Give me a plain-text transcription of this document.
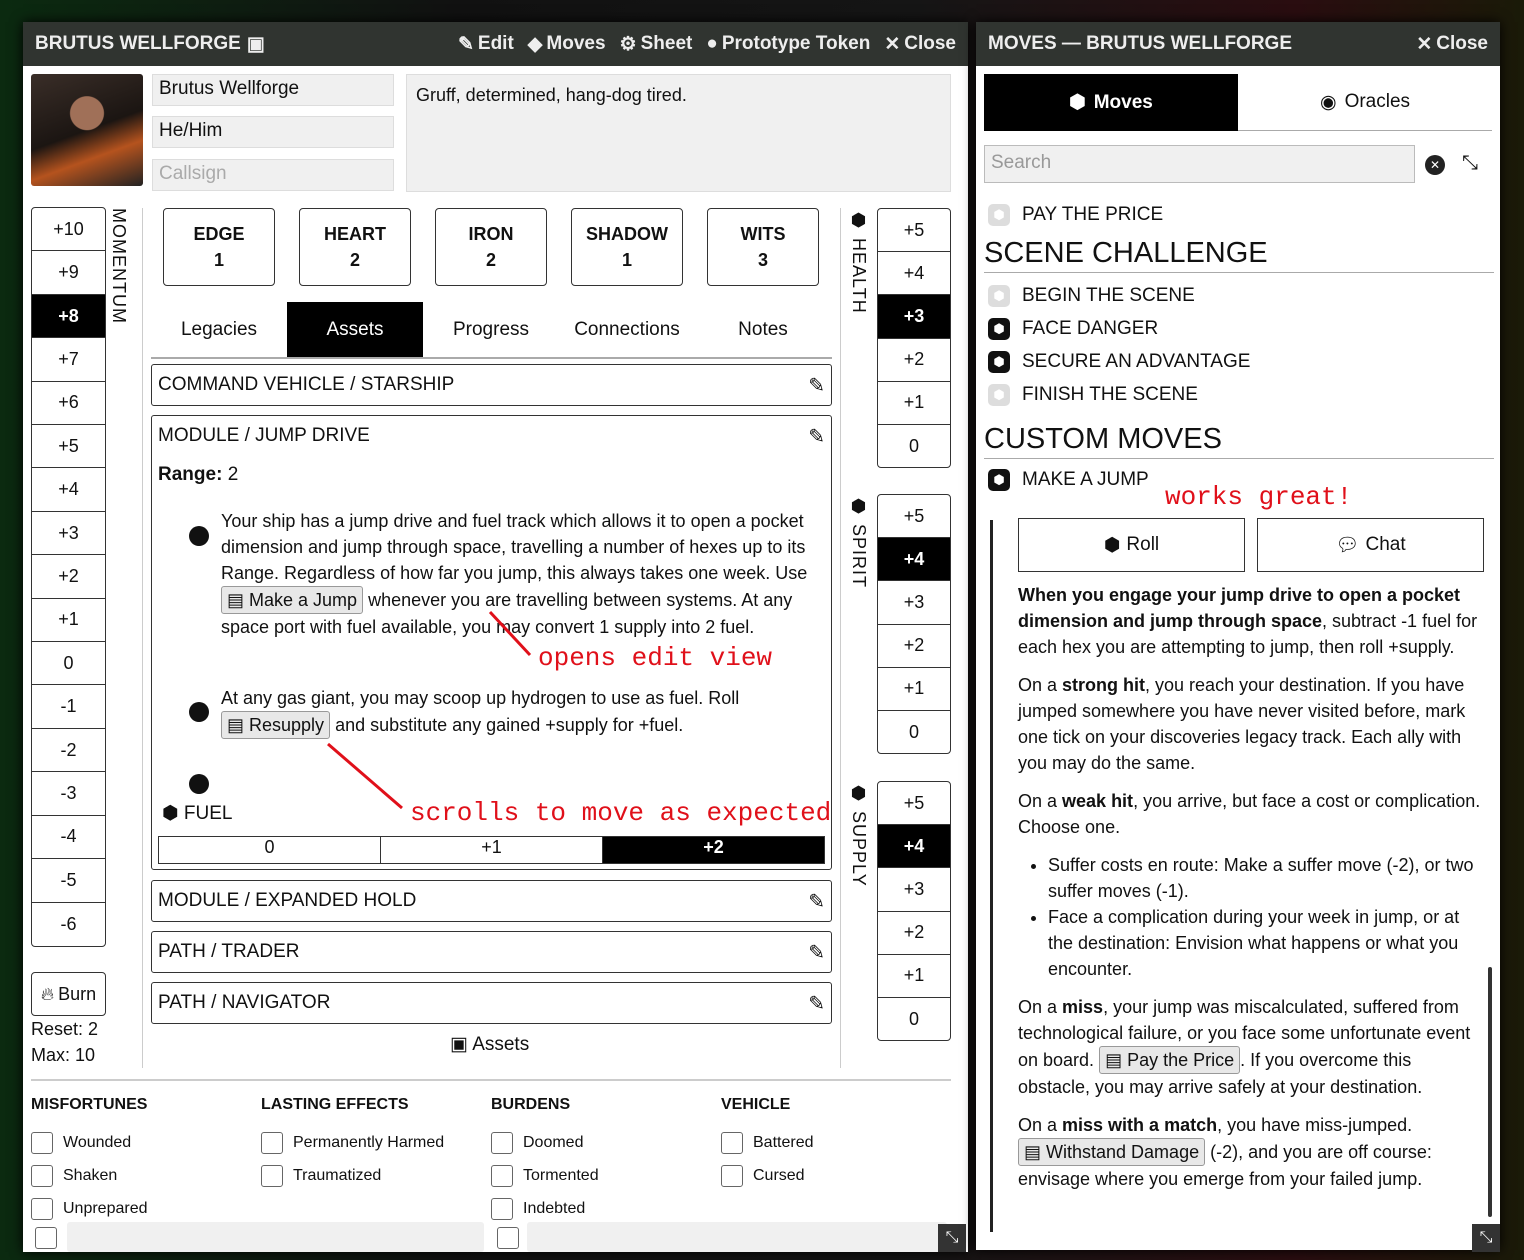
BRUTUS WELLFORGE ▣	✎ Edit ◆ Moves ⚙ Sheet ● Prototype Token ✕ Close
Brutus Wellforge
He/Him
Callsign
Gruff, determined, hang-dog tired.
+10
+9
+8
+7
+6
+5
+4
+3
+2
+1
0
-1
-2
-3
-4
-5
-6
MOMENTUM
🔥︎ Burn
Reset: 2
Max: 10
EDGE
1
HEART
2
IRON
2
SHADOW
1
WITS
3
Legacies	Assets	Progress	Connections	Notes
COMMAND VEHICLE / STARSHIP	✎
MODULE / JUMP DRIVE	✎
Range: 2
Your ship has a jump drive and fuel track which allows it to open a pocket dimension and jump through space, travelling a number of hexes up to its Range. Regardless of how far you jump, this always takes one week. Use ▤ Make a Jump whenever you are travelling between systems. At any space port with fuel available, you may convert 1 supply into 2 fuel.
At any gas giant, you may scoop up hydrogen to use as fuel. Roll ▤ Resupply and substitute any gained +supply for +fuel.
⬢ FUEL
0	+1	+2
MODULE / EXPANDED HOLD	✎
PATH / TRADER	✎
PATH / NAVIGATOR	✎
▣ Assets
+5
+4
+3
+2
+1
0
⬢ HEALTH
+5
+4
+3
+2
+1
0
⬢ SPIRIT
+5
+4
+3
+2
+1
0
⬢ SUPPLY
MISFORTUNES
Wounded
Shaken
Unprepared
LASTING EFFECTS
Permanently Harmed
Traumatized
BURDENS
Doomed
Tormented
Indebted
VEHICLE
Battered
Cursed
⤡
MOVES — BRUTUS WELLFORGE	✕ Close
⬢ Moves	◉ Oracles
Search	✕ ⤡
⬢ PAY THE PRICE
SCENE CHALLENGE
⬢ BEGIN THE SCENE
⬢ FACE DANGER
⬢ SECURE AN ADVANTAGE
⬢ FINISH THE SCENE
CUSTOM MOVES
⬢ MAKE A JUMP
⬢ Roll	💬︎ Chat

When you engage your jump drive to open a pocket dimension and jump through space, subtract -1 fuel for each hex you are attempting to jump, then roll +supply.

On a strong hit, you reach your destination. If you have jumped somewhere you have never visited before, mark one tick on your discoveries legacy track. Each ally with you may do the same.

On a weak hit, you arrive, but face a cost or complication. Choose one.

• Suffer costs en route: Make a suffer move (-2), or two suffer moves (-1).
• Face a complication during your week in jump, or at the destination: Envision what happens or what you encounter.

On a miss, your jump was miscalculated, suffered from technological failure, or you face some unfortunate event on board. ▤ Pay the Price . If you overcome this obstacle, you may arrive safely at your destination.

On a miss with a match, you have miss-jumped. ▤ Withstand Damage (-2), and you are off course: envisage where you emerge from your failed jump.

⤡
works great!
opens edit view
scrolls to move as expected
